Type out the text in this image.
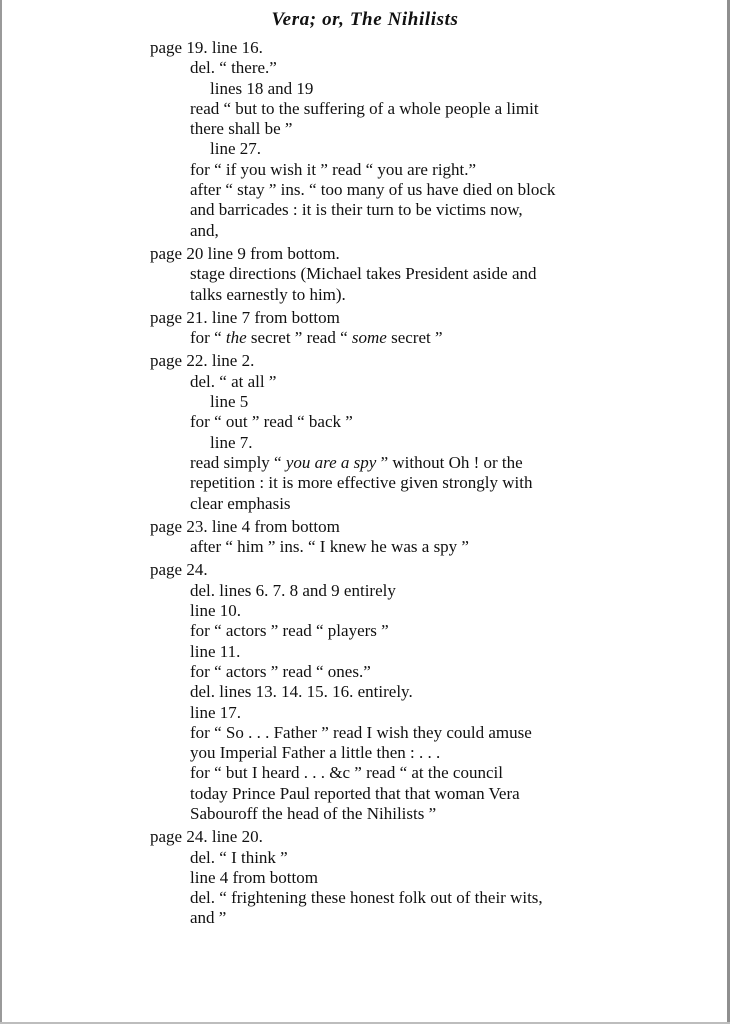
Vera; or, The Nihilists
page 19. line 16.
del. “ there.”
lines 18 and 19
read “ but to the suffering of a whole people a limit
there shall be ”
line 27.
for “ if you wish it ” read “ you are right.”
after “ stay ” ins. “ too many of us have died on block
and barricades : it is their turn to be victims now,
and,
page 20 line 9 from bottom.
stage directions (Michael takes President aside and
talks earnestly to him).
page 21. line 7 from bottom
for “ the secret ” read “ some secret ”
page 22. line 2.
del. “ at all ”
line 5
for “ out ” read “ back ”
line 7.
read simply “ you are a spy ” without Oh ! or the
repetition : it is more effective given strongly with
clear emphasis
page 23. line 4 from bottom
after “ him ” ins. “ I knew he was a spy ”
page 24.
del. lines 6. 7. 8 and 9 entirely
line 10.
for “ actors ” read “ players ”
line 11.
for “ actors ” read “ ones.”
del. lines 13. 14. 15. 16. entirely.
line 17.
for “ So . . . Father ” read I wish they could amuse
you Imperial Father a little then : . . .
for “ but I heard . . . &c ” read “ at the council
today Prince Paul reported that that woman Vera
Sabouroff the head of the Nihilists ”
page 24. line 20.
del. “ I think ”
line 4 from bottom
del. “ frightening these honest folk out of their wits,
and ”
